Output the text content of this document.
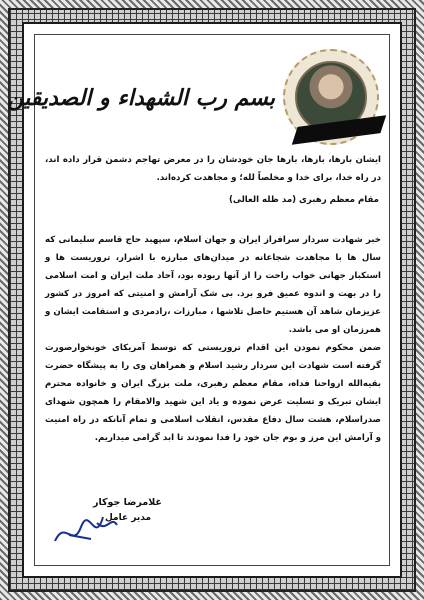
بسم رب الشهداء و الصدیقین
ایشان بارها، بارها، بارها جان خودشان را در معرض تهاجم دشمن قرار داده اند، در راه خدا، برای خدا و مخلصاً لله؛ و مجاهدت کرده‌اند.
مقام معظم رهبری (مد ظله العالی)

خبر شهادت سردار سرافراز ایران و جهان اسلام، سپهبد حاج قاسم سلیمانی که سال ها با مجاهدت شجاعانه در میدان‌های مبارزه با اشرار، تروریست ها و استکبار جهانی خواب راحت را از آنها ربوده بود، آحاد ملت ایران و امت اسلامی را در بهت و اندوه عمیق فرو برد. بی شک آرامش و امنیتی که امروز در کشور عزیزمان شاهد آن هستیم حاصل تلاشها ، مبارزات ،رادمردی و استقامت ایشان و همرزمان او می باشد.

ضمن محکوم نمودن این اقدام تروریستی که توسط آمریکای خونخوارصورت گرفته است شهادت این سردار رشید اسلام و همراهان وی را به پیشگاه حضرت بقیه‌الله ارواحنا فداه، مقام معظم رهبری، ملت بزرگ ایران و خانواده محترم ایشان تبریک و تسلیت عرض نموده و یاد این شهید والامقام را همچون شهدای صدراسلام، هشت سال دفاع مقدس، انقلاب اسلامی و تمام آنانکه در راه امنیت و آرامش این مرز و بوم جان خود را فدا نمودند تا ابد گرامی میداریم.

غلامرضا جوکار
مدیر عامل
